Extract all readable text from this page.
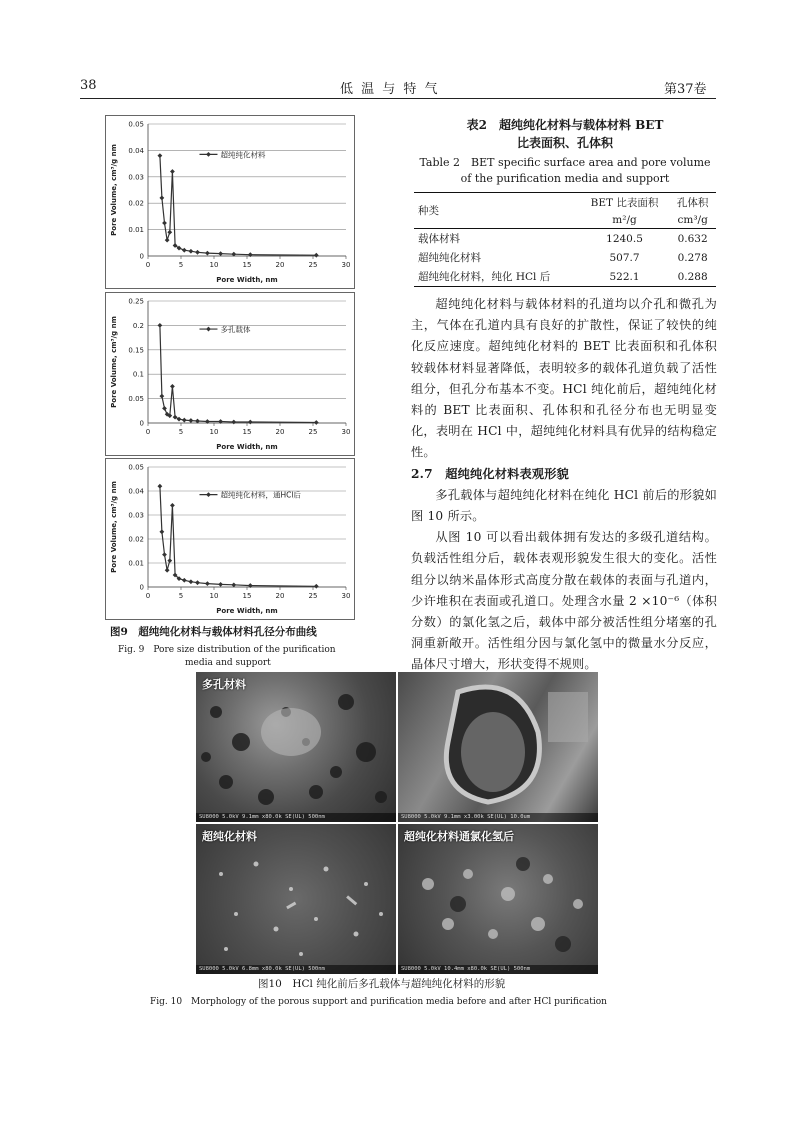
38	低 温 与 特 气	第37卷
0
0.01
0.02
0.03
0.04
0.05
0	5	10	15	20	25	30
Pore Width, nm
Pore Volume, cm³/g nm	超纯纯化材料
0
0.05
0.1
0.15
0.2
0.25
0	5	10	15	20	25	30
Pore Width, nm
Pore Volume, cm³/g nm	多孔载体
0
0.01
0.02
0.03
0.04
0.05
0	5	10	15	20	25	30
Pore Width, nm
Pore Volume, cm³/g nm	超纯纯化材料，通HCl后
图9　超纯纯化材料与载体材料孔径分布曲线
Fig. 9　Pore size distribution of the purification
media and support
表2　超纯纯化材料与载体材料 BET
比表面积、孔体积
Table 2　BET specific surface area and pore volume
of the purification media and support
种类	BET 比表面积	孔体积
	m²/g	cm³/g
载体材料	1240.5	0.632
超纯纯化材料	507.7	0.278
超纯纯化材料，纯化 HCl 后	522.1	0.288

超纯纯化材料与载体材料的孔道均以介孔和微孔为主，气体在孔道内具有良好的扩散性，保证了较快的纯化反应速度。超纯纯化材料的 BET 比表面积和孔体积较载体材料显著降低，表明较多的载体孔道负载了活性组分，但孔分布基本不变。HCl 纯化前后，超纯纯化材料的 BET 比表面积、孔体积和孔径分布也无明显变化，表明在 HCl 中，超纯纯化材料具有优异的结构稳定性。

2.7　超纯纯化材料表观形貌

多孔载体与超纯纯化材料在纯化 HCl 前后的形貌如图 10 所示。

从图 10 可以看出载体拥有发达的多级孔道结构。负载活性组分后，载体表观形貌发生很大的变化。活性组分以纳米晶体形式高度分散在载体的表面与孔道内，少许堆积在表面或孔道口。处理含水量 2 ×10⁻⁶（体积分数）的氯化氢之后，载体中部分被活性组分堵塞的孔洞重新敞开。活性组分因与氯化氢中的微量水分反应，晶体尺寸增大，形状变得不规则。

多孔材料
SU8000 5.0kV 9.1mm x80.0k SE(UL) 500nm	SU8000 5.0kV 9.1mm x3.00k SE(UL) 10.0um
超纯化材料
SU8000 5.0kV 6.8mm x80.0k SE(UL) 500nm
超纯化材料通氯化氢后
SU8000 5.0kV 10.4mm x80.0k SE(UL) 500nm
图10　HCl 纯化前后多孔载体与超纯纯化材料的形貌
Fig. 10　Morphology of the porous support and purification media before and after HCl purification
